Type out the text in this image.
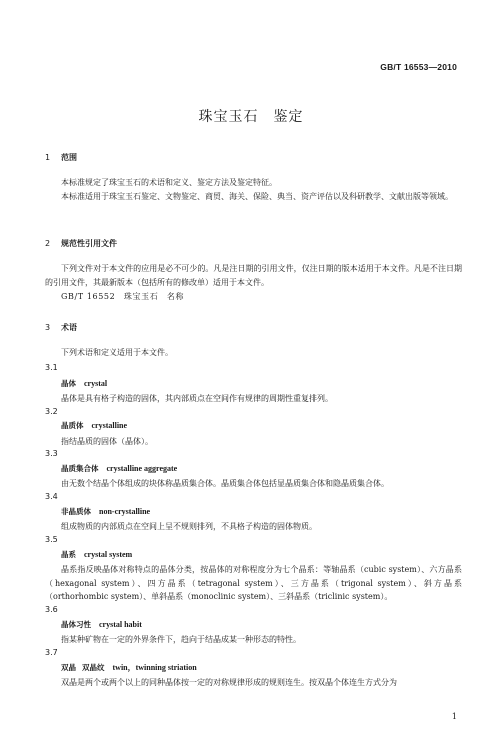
GB/T 16553—2010
珠宝玉石　鉴定
1 范围
本标准规定了珠宝玉石的术语和定义、鉴定方法及鉴定特征。
本标准适用于珠宝玉石鉴定、文物鉴定、商贸、海关、保险、典当、资产评估以及科研教学、文献出版等领域。
2 规范性引用文件
下列文件对于本文件的应用是必不可少的。凡是注日期的引用文件，仅注日期的版本适用于本文件。凡是不注日期的引用文件，其最新版本（包括所有的修改单）适用于本文件。
GB/T 16552　珠宝玉石　名称
3 术语
下列术语和定义适用于本文件。
3.1
晶体 crystal
晶体是具有格子构造的固体，其内部质点在空间作有规律的周期性重复排列。
3.2
晶质体 crystalline
指结晶质的固体（晶体）。
3.3
晶质集合体 crystalline aggregate
由无数个结晶个体组成的块体称晶质集合体。晶质集合体包括显晶质集合体和隐晶质集合体。
3.4
非晶质体 non-crystalline
组成物质的内部质点在空间上呈不规则排列，不具格子构造的固体物质。
3.5
晶系 crystal system
晶系指反映晶体对称特点的晶体分类，按晶体的对称程度分为七个晶系：等轴晶系（cubic system）、六方晶系（hexagonal system）、四方晶系（tetragonal system）、三方晶系（trigonal system）、斜方晶系（orthorhombic system）、单斜晶系（monoclinic system）、三斜晶系（triclinic system）。
3.6
晶体习性 crystal habit
指某种矿物在一定的外界条件下，趋向于结晶成某一种形态的特性。
3.7
双晶 双晶纹 twin，twinning striation
双晶是两个或两个以上的同种晶体按一定的对称规律形成的规则连生。按双晶个体连生方式分为
1
